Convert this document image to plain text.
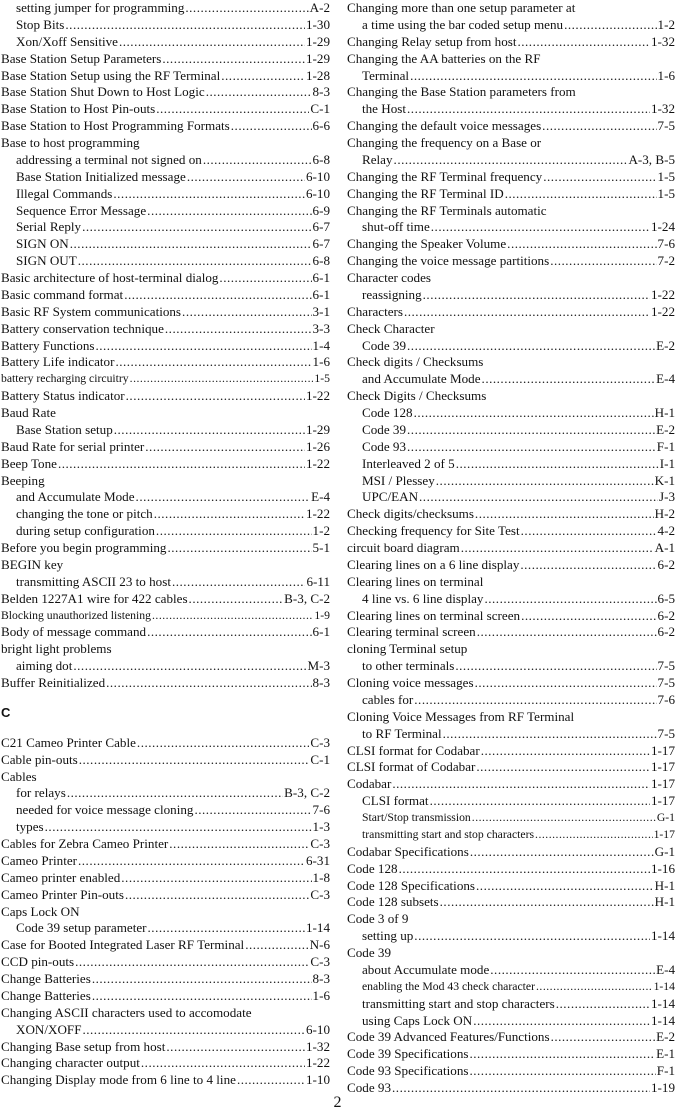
setting jumper for programming .....	A-2
Stop Bits .....	1-30
Xon/Xoff Sensitive .....	1-29
Base Station Setup Parameters .....	1-29
Base Station Setup using the RF Terminal .....	1-28
Base Station Shut Down to Host Logic .....	8-3
Base Station to Host Pin-outs .....	C-1
Base Station to Host Programming Formats .....	6-6
Base to host programming
addressing a terminal not signed on .....	6-8
Base Station Initialized message .....	6-10
Illegal Commands .....	6-10
Sequence Error Message .....	6-9
Serial Reply .....	6-7
SIGN ON .....	6-7
SIGN OUT .....	6-8
Basic architecture of host-terminal dialog .....	6-1
Basic command format .....	6-1
Basic RF System communications .....	3-1
Battery conservation technique .....	3-3
Battery Functions .....	1-4
Battery Life indicator .....	1-6
battery recharging circuitry .....	1-5
Battery Status indicator .....	1-22
Baud Rate
Base Station setup .....	1-29
Baud Rate for serial printer .....	1-26
Beep Tone .....	1-22
Beeping
and Accumulate Mode .....	E-4
changing the tone or pitch .....	1-22
during setup configuration .....	1-2
Before you begin programming .....	5-1
BEGIN key
transmitting ASCII 23 to host .....	6-11
Belden 1227A1 wire for 422 cables .....	B-3, C-2
Blocking unauthorized listening .....	1-9
Body of message command .....	6-1
bright light problems
aiming dot .....	M-3
Buffer Reinitialized .....	8-3
C
C21 Cameo Printer Cable .....	C-3
Cable pin-outs .....	C-1
Cables
for relays .....	B-3, C-2
needed for voice message cloning .....	7-6
types .....	1-3
Cables for Zebra Cameo Printer .....	C-3
Cameo Printer .....	6-31
Cameo printer enabled .....	1-8
Cameo Printer Pin-outs .....	C-3
Caps Lock ON
Code 39 setup parameter .....	1-14
Case for Booted Integrated Laser RF Terminal .....	N-6
CCD pin-outs .....	C-3
Change Batteries .....	8-3
Change Batteries .....	1-6
Changing ASCII characters used to accomodate
XON/XOFF .....	6-10
Changing Base setup from host .....	1-32
Changing character output .....	1-22
Changing Display mode from 6 line to 4 line .....	1-10
Changing more than one setup parameter at
a time using the bar coded setup menu .....	1-2
Changing Relay setup from host .....	1-32
Changing the AA batteries on the RF
Terminal .....	1-6
Changing the Base Station parameters from
the Host .....	1-32
Changing the default voice messages .....	7-5
Changing the frequency on a Base or
Relay .....	A-3, B-5
Changing the RF Terminal frequency .....	1-5
Changing the RF Terminal ID .....	1-5
Changing the RF Terminals automatic
shut-off time .....	1-24
Changing the Speaker Volume .....	7-6
Changing the voice message partitions .....	7-2
Character codes
reassigning .....	1-22
Characters .....	1-22
Check Character
Code 39 .....	E-2
Check digits / Checksums
and Accumulate Mode .....	E-4
Check Digits / Checksums
Code 128 .....	H-1
Code 39 .....	E-2
Code 93 .....	F-1
Interleaved 2 of 5 .....	I-1
MSI / Plessey .....	K-1
UPC/EAN .....	J-3
Check digits/checksums .....	H-2
Checking frequency for Site Test .....	4-2
circuit board diagram .....	A-1
Clearing lines on a 6 line display .....	6-2
Clearing lines on terminal
4 line vs. 6 line display .....	6-5
Clearing lines on terminal screen .....	6-2
Clearing terminal screen .....	6-2
cloning Terminal setup
to other terminals .....	7-5
Cloning voice messages .....	7-5
cables for .....	7-6
Cloning Voice Messages from RF Terminal
to RF Terminal .....	7-5
CLSI format for Codabar .....	1-17
CLSI format of Codabar .....	1-17
Codabar .....	1-17
CLSI format .....	1-17
Start/Stop transmission .....	G-1
transmitting start and stop characters .....	1-17
Codabar Specifications .....	G-1
Code 128 .....	1-16
Code 128 Specifications .....	H-1
Code 128 subsets .....	H-1
Code 3 of 9
setting up .....	1-14
Code 39
about Accumulate mode .....	E-4
enabling the Mod 43 check character .....	1-14
transmitting start and stop characters .....	1-14
using Caps Lock ON .....	1-14
Code 39 Advanced Features/Functions .....	E-2
Code 39 Specifications .....	E-1
Code 93 Specifications .....	F-1
Code 93 .....	1-19
2
